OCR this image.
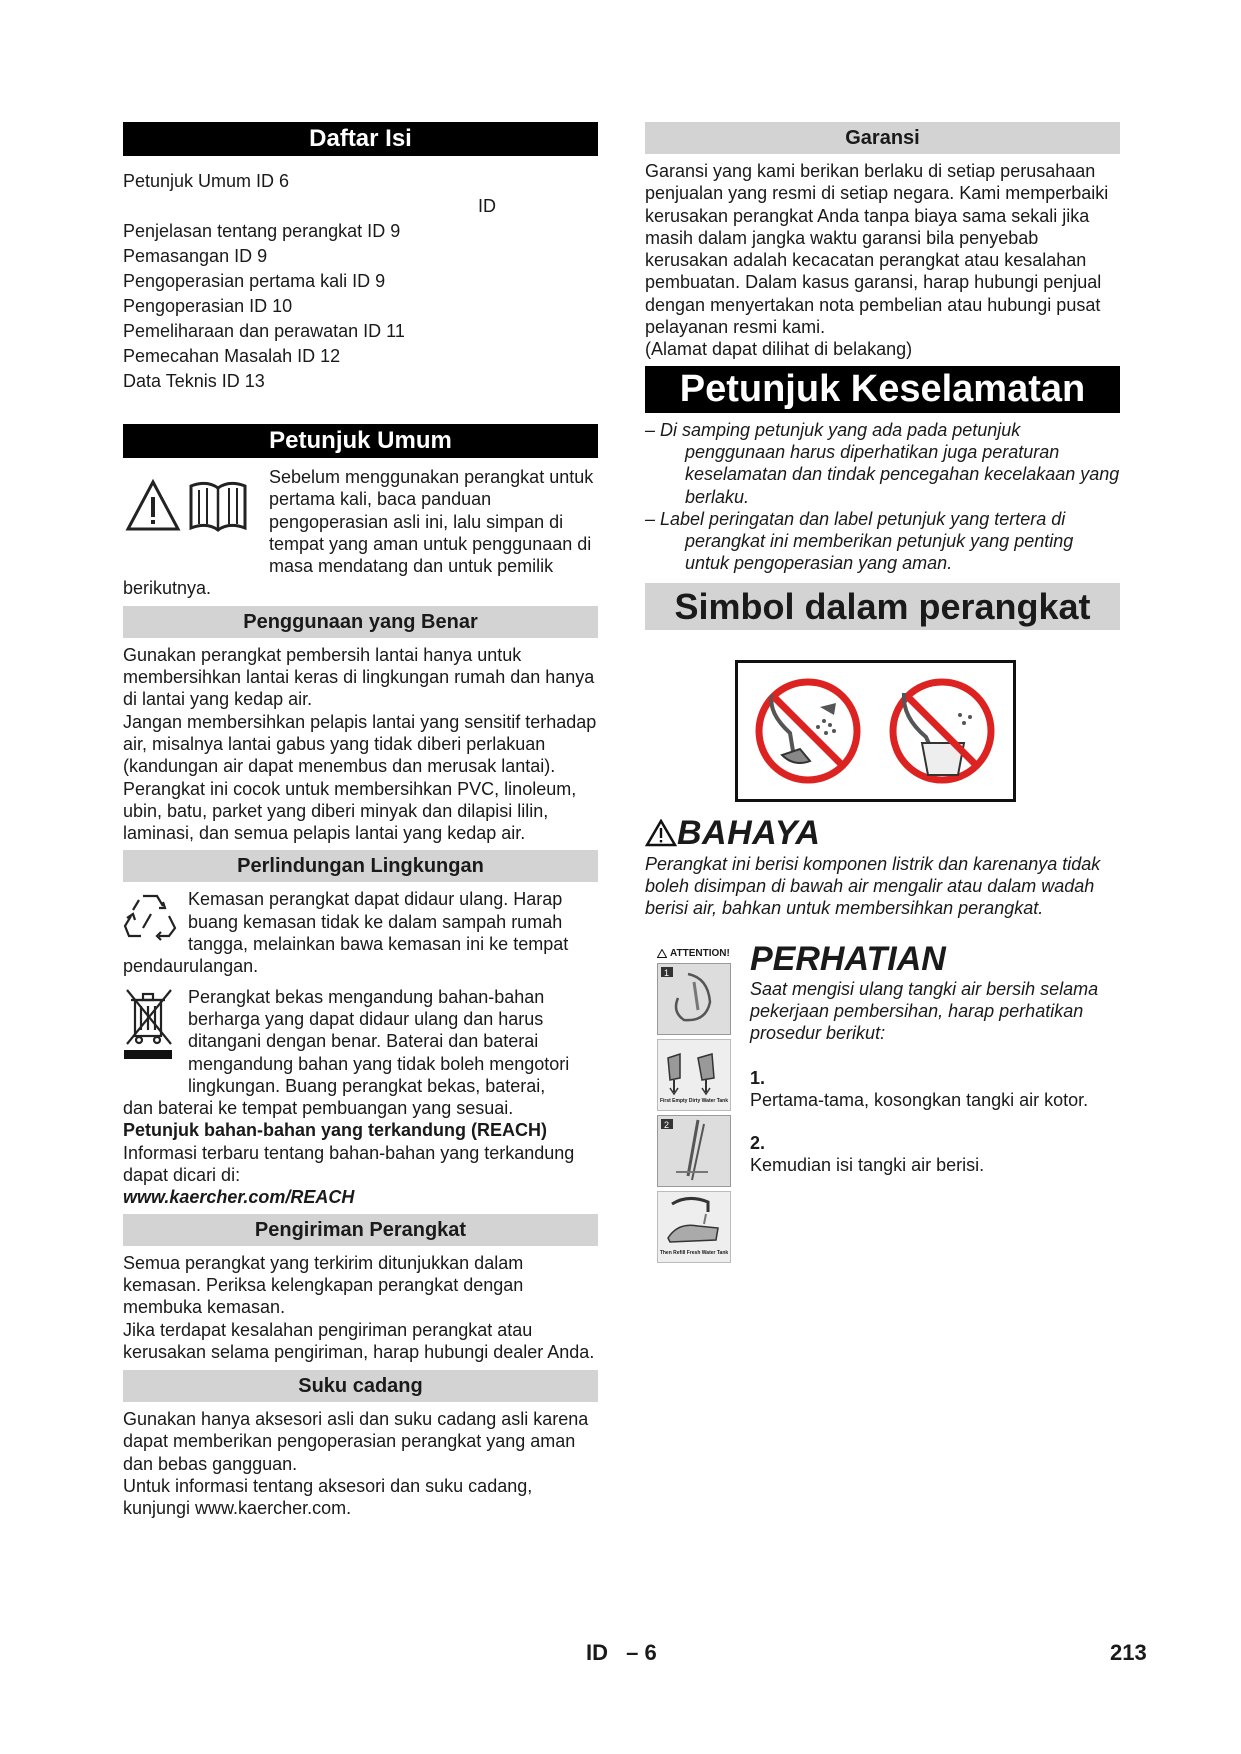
Daftar Isi
Petunjuk Umum ID 6
ID
Penjelasan tentang perangkat ID 9
Pemasangan ID 9
Pengoperasian pertama kali ID 9
Pengoperasian ID 10
Pemeliharaan dan perawatan ID 11
Pemecahan Masalah ID 12
Data Teknis ID 13
Petunjuk Umum

Sebelum menggunakan perangkat untuk pertama kali, baca panduan pengoperasian asli ini, lalu simpan di tempat yang aman untuk penggunaan di masa mendatang dan untuk pemilik

berikutnya.

Penggunaan yang Benar

Gunakan perangkat pembersih lantai hanya untuk membersihkan lantai keras di lingkungan rumah dan hanya di lantai yang kedap air.

Jangan membersihkan pelapis lantai yang sensitif terhadap air, misalnya lantai gabus yang tidak diberi perlakuan (kandungan air dapat menembus dan merusak lantai).

Perangkat ini cocok untuk membersihkan PVC, linoleum, ubin, batu, parket yang diberi minyak dan dilapisi lilin, laminasi, dan semua pelapis lantai yang kedap air.

Perlindungan Lingkungan

Kemasan perangkat dapat didaur ulang. Harap buang kemasan tidak ke dalam sampah rumah tangga, melainkan bawa kemasan ini ke tempat

pendaurulangan.

Perangkat bekas mengandung bahan-bahan berharga yang dapat didaur ulang dan harus ditangani dengan benar. Baterai dan baterai mengandung bahan yang tidak boleh mengotori lingkungan. Buang perangkat bekas, baterai,

dan baterai ke tempat pembuangan yang sesuai.

Petunjuk bahan-bahan yang terkandung (REACH)

Informasi terbaru tentang bahan-bahan yang terkandung dapat dicari di:

www.kaercher.com/REACH

Pengiriman Perangkat

Semua perangkat yang terkirim ditunjukkan dalam kemasan. Periksa kelengkapan perangkat dengan membuka kemasan.

Jika terdapat kesalahan pengiriman perangkat atau kerusakan selama pengiriman, harap hubungi dealer Anda.

Suku cadang

Gunakan hanya aksesori asli dan suku cadang asli karena dapat memberikan pengoperasian perangkat yang aman dan bebas gangguan.

Untuk informasi tentang aksesori dan suku cadang, kunjungi www.kaercher.com.

Garansi

Garansi yang kami berikan berlaku di setiap perusahaan penjualan yang resmi di setiap negara. Kami memperbaiki kerusakan perangkat Anda tanpa biaya sama sekali jika masih dalam jangka waktu garansi bila penyebab kerusakan adalah kecacatan perangkat atau kesalahan pembuatan. Dalam kasus garansi, harap hubungi penjual dengan menyertakan nota pembelian atau hubungi pusat pelayanan resmi kami.

(Alamat dapat dilihat di belakang)

Petunjuk Keselamatan
– Di samping petunjuk yang ada pada petunjuk penggunaan harus diperhatikan juga peraturan keselamatan dan tindak pencegahan kecelakaan yang berlaku.
– Label peringatan dan label petunjuk yang tertera di perangkat ini memberikan petunjuk yang penting untuk pengoperasian yang aman.
Simbol dalam perangkat
BAHAYA

Perangkat ini berisi komponen listrik dan karenanya tidak boleh disimpan di bawah air mengalir atau dalam wadah berisi air, bahkan untuk membersihkan perangkat.

ATTENTION!
1
First Empty Dirty Water Tank
2
Then Refill Fresh Water Tank
PERHATIAN

Saat mengisi ulang tangki air bersih selama pekerjaan pembersihan, harap perhatikan prosedur berikut:

1.

Pertama-tama, kosongkan tangki air kotor.

2.

Kemudian isi tangki air berisi.

ID – 6	213
